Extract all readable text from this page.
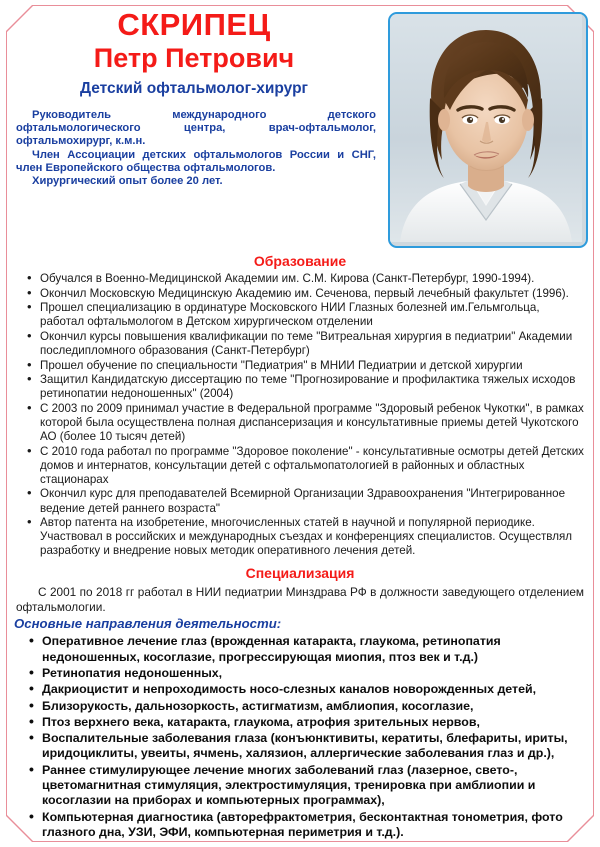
СКРИПЕЦ
Петр Петрович
Детский офтальмолог-хирург

Руководитель международного детского офтальмологического центра, врач-офтальмолог, офтальмохирург, к.м.н.

Член Ассоциации детских офтальмологов России и СНГ, член Европейского общества офтальмологов.

Хирургический опыт более 20 лет.

Образование
• Обучался в Военно-Медицинской Академии им. С.М. Кирова (Санкт-Петербург, 1990-1994).
• Окончил Московскую Медицинскую Академию им. Сеченова, первый лечебный факультет (1996).
• Прошел специализацию в ординатуре Московского НИИ Глазных болезней им.Гельмгольца, работал офтальмологом в Детском хирургическом отделении
• Окончил курсы повышения квалификации по теме "Витреальная хирургия в педиатрии" Академии последипломного образования (Санкт-Петербург)
• Прошел обучение по специальности "Педиатрия" в МНИИ Педиатрии и детской хирургии
• Защитил Кандидатскую диссертацию по теме "Прогнозирование и профилактика тяжелых исходов ретинопатии недоношенных" (2004)
• С 2003 по 2009 принимал участие в Федеральной программе "Здоровый ребенок Чукотки", в рамках которой была осуществлена полная диспансеризация и консультативные приемы детей Чукотского АО (более 10 тысяч детей)
• С 2010 года работал по программе "Здоровое поколение" - консультативные осмотры детей Детских домов и интернатов, консультации детей с офтальмопатологией в районных и областных стационарах
• Окончил курс для преподавателей Всемирной Организации Здравоохранения "Интегрированное ведение детей раннего возраста"
• Автор патента на изобретение, многочисленных статей в научной и популярной периодике. Участвовал в российских и международных съездах и конференциях специалистов. Осуществлял разработку и внедрение новых методик оперативного лечения детей.
Специализация
С 2001 по 2018 гг работал в НИИ педиатрии Минздрава РФ в должности заведующего отделением офтальмологии.
Основные направления деятельности:
• Оперативное лечение глаз (врожденная катаракта, глаукома, ретинопатия недоношенных, косоглазие, прогрессирующая миопия, птоз век и т.д.)
• Ретинопатия недоношенных,
• Дакриоцистит и непроходимость носо-слезных каналов новорожденных детей,
• Близорукость, дальнозоркость, астигматизм, амблиопия, косоглазие,
• Птоз верхнего века, катаракта, глаукома, атрофия зрительных нервов,
• Воспалительные заболевания глаза (конъюнктивиты, кератиты, блефариты, ириты, иридоциклиты, увеиты, ячмень, халязион, аллергические заболевания глаз и др.),
• Раннее стимулирующее лечение многих заболеваний глаз (лазерное, свето-, цветомагнитная стимуляция, электростимуляция, тренировка при амблиопии и косоглазии на приборах и компьютерных программах),
• Компьютерная диагностика (авторефрактометрия, бесконтактная тонометрия, фото глазного дна, УЗИ, ЭФИ, компьютерная периметрия и т.д.).
